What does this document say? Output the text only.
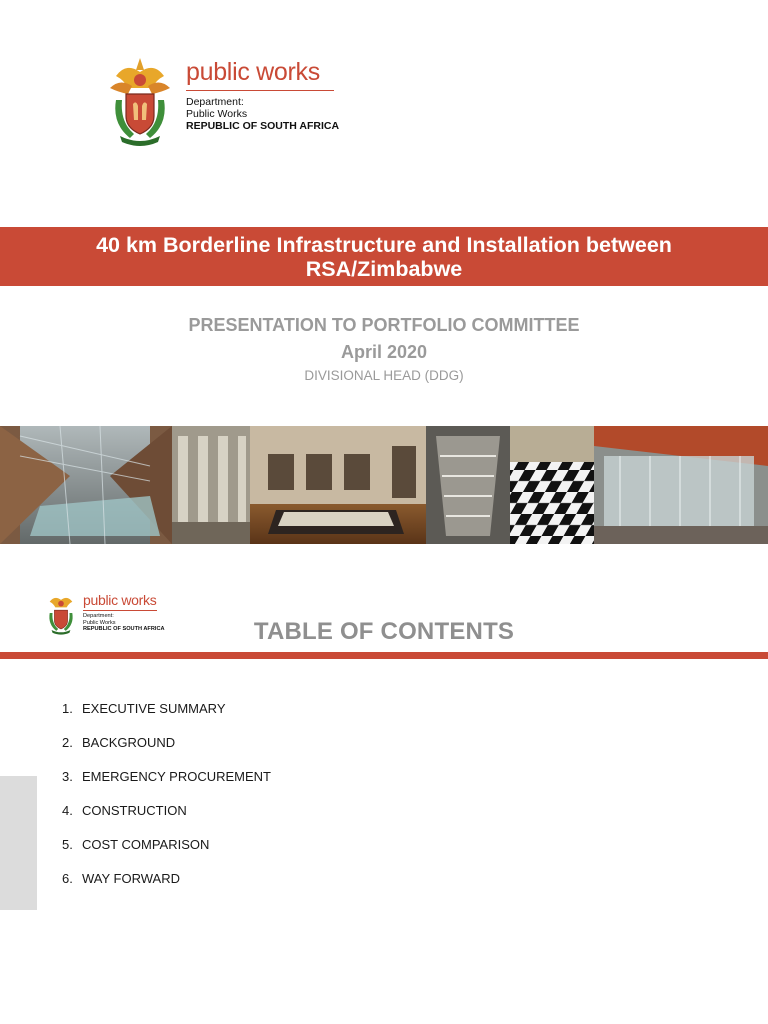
public works
Department:
Public Works
REPUBLIC OF SOUTH AFRICA
40 km Borderline Infrastructure and Installation between
RSA/Zimbabwe
PRESENTATION TO PORTFOLIO COMMITTEE
April 2020
DIVISIONAL HEAD (DDG)
public works
Department:
Public Works
REPUBLIC OF SOUTH AFRICA	TABLE OF CONTENTS
1. EXECUTIVE SUMMARY
2. BACKGROUND
3. EMERGENCY PROCUREMENT
4. CONSTRUCTION
5. COST COMPARISON
6. WAY FORWARD
